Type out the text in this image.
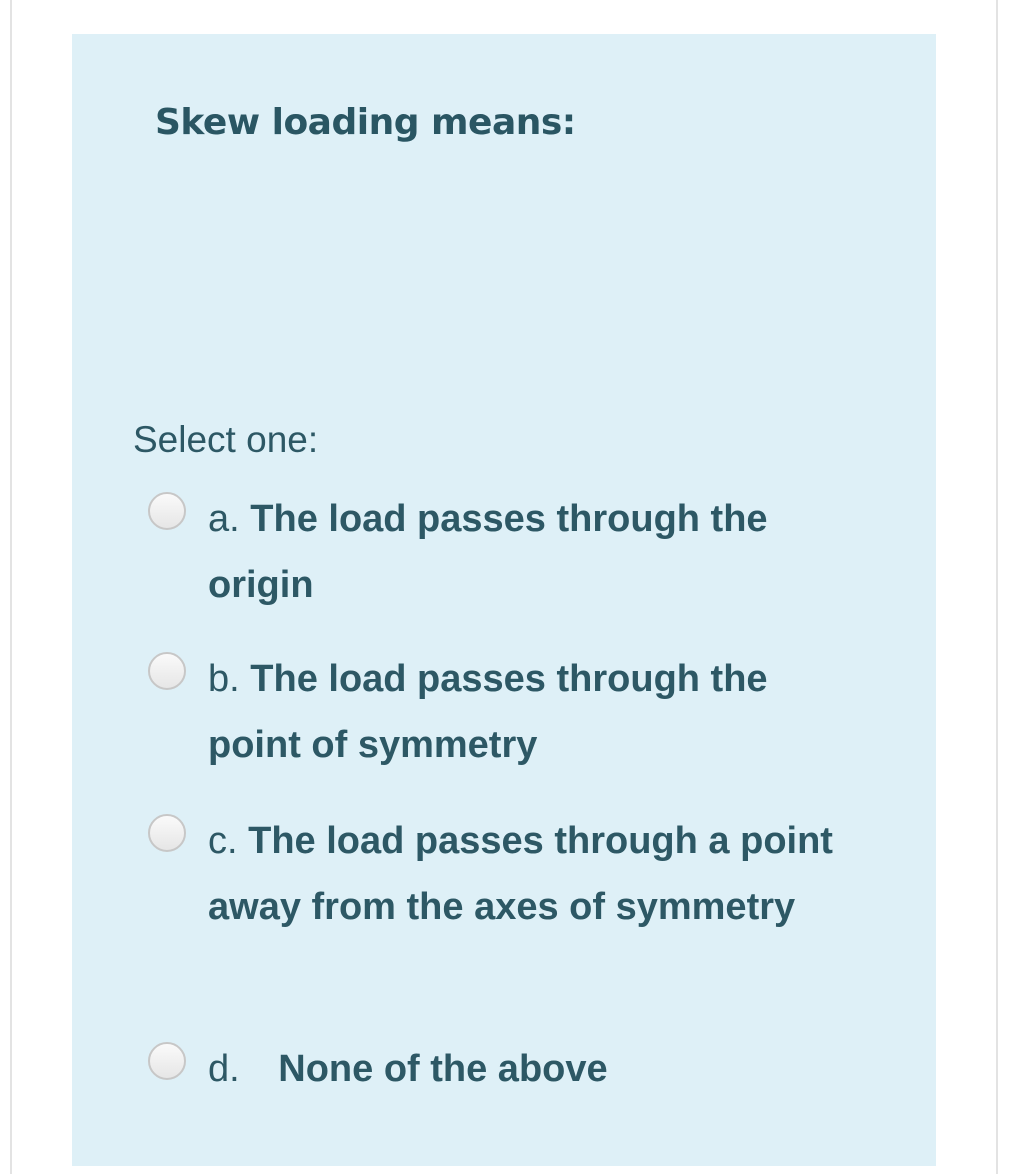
Skew loading means:
Select one:
a. The load passes through the origin
b. The load passes through the point of symmetry
c. The load passes through a point away from the axes of symmetry
d. None of the above
